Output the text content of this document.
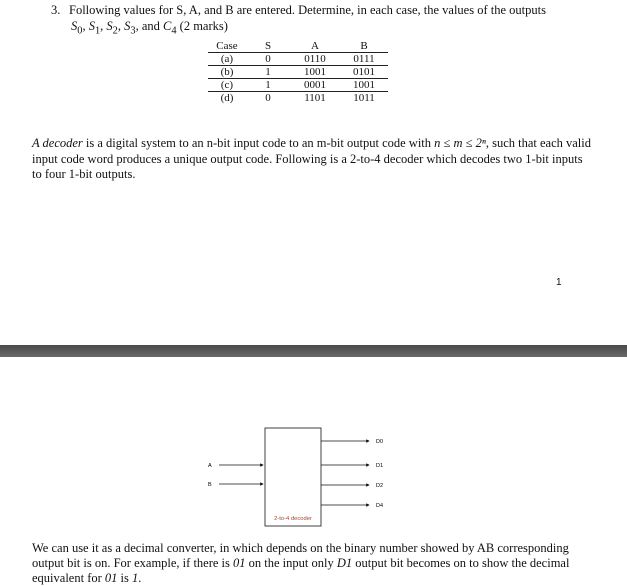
3. Following values for S, A, and B are entered. Determine, in each case, the values of the outputs
$S_0$, $S_1$, $S_2$, $S_3$, and $C_4$ (2 marks)
Case	S	A	B
(a)	0	0110	0111
(b)	1	1001	0101
(c)	1	0001	1001
(d)	0	1101	1011
A decoder is a digital system to an n-bit input code to an m-bit output code with n ≤ m ≤ 2ⁿ, such that each valid input code word produces a unique output code. Following is a 2-to-4 decoder which decodes two 1-bit inputs to four 1-bit outputs.
1
A
B
D0
D1
D2
D4
2-to-4 decoder
We can use it as a decimal converter, in which depends on the binary number showed by AB corresponding output bit is on. For example, if there is 01 on the input only D1 output bit becomes on to show the decimal equivalent for 01 is 1.
